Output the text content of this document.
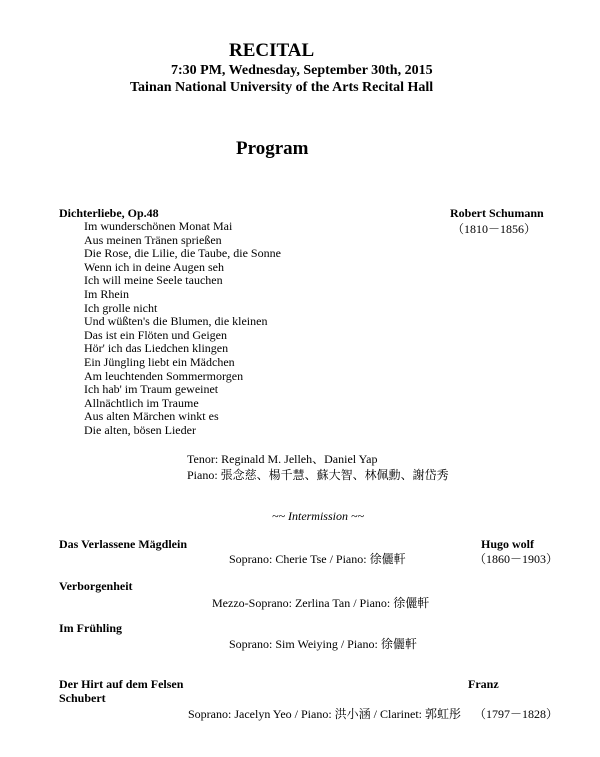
RECITAL
7:30 PM, Wednesday, September 30th, 2015
Tainan National University of the Arts Recital Hall
Program
Dichterliebe, Op.48	Robert Schumann
（1810－1856）
Im wunderschönen Monat Mai
Aus meinen Tränen sprießen
Die Rose, die Lilie, die Taube, die Sonne
Wenn ich in deine Augen seh
Ich will meine Seele tauchen
Im Rhein
Ich grolle nicht
Und wüßten's die Blumen, die kleinen
Das ist ein Flöten und Geigen
Hör' ich das Liedchen klingen
Ein Jüngling liebt ein Mädchen
Am leuchtenden Sommermorgen
Ich hab' im Traum geweinet
Allnächtlich im Traume
Aus alten Märchen winkt es
Die alten, bösen Lieder
Tenor: Reginald M. Jelleh、Daniel Yap
Piano: 張念慈、楊千慧、蘇大智、林佩勳、謝岱秀
~~ Intermission ~~
Das Verlassene Mägdlein	Hugo wolf
Soprano: Cherie Tse / Piano: 徐儷軒	（1860－1903）
Verborgenheit
Mezzo-Soprano: Zerlina Tan / Piano: 徐儷軒
Im Frühling
Soprano: Sim Weiying / Piano: 徐儷軒
Der Hirt auf dem Felsen	Franz
Schubert
Soprano: Jacelyn Yeo / Piano: 洪小涵 / Clarinet: 郭虹彤 （1797－1828）
